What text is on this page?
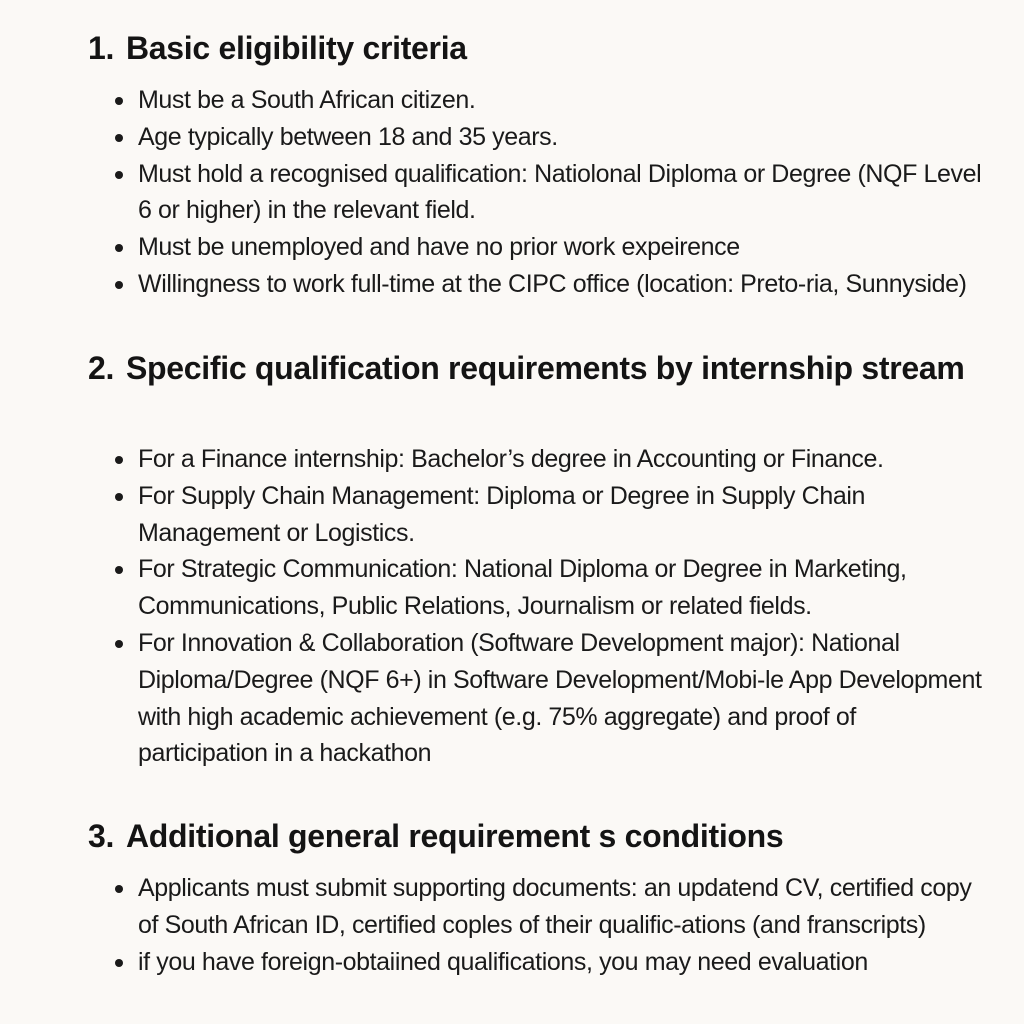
1. Basic eligibility criteria
Must be a South African citizen.
Age typically between 18 and 35 years.
Must hold a recognised qualification: Natiolonal Diploma or Degree (NQF Level 6 or higher) in the relevant field.
Must be unemployed and have no prior work expeirence
Willingness to work full-time at the CIPC office (location: Preto-ria, Sunnyside)
2. Specific qualification requirements by internship stream
For a Finance internship: Bachelor’s degree in Accounting or Finance.
For Supply Chain Management: Diploma or Degree in Supply Chain Management or Logistics.
For Strategic Communication: National Diploma or Degree in Marketing, Communications, Public Relations, Journalism or related fields.
For Innovation & Collaboration (Software Development major): National Diploma/Degree (NQF 6+) in Software Development/Mobi-le App Development with high academic achievement (e.g. 75% aggregate) and proof of participation in a hackathon
3. Additional general requirement s conditions
Applicants must submit supporting documents: an updatend CV, certified copy of South African ID, certified coples of their qualific-ations (and franscripts)
if you have foreign-obtaiined qualifications, you may need evaluation
